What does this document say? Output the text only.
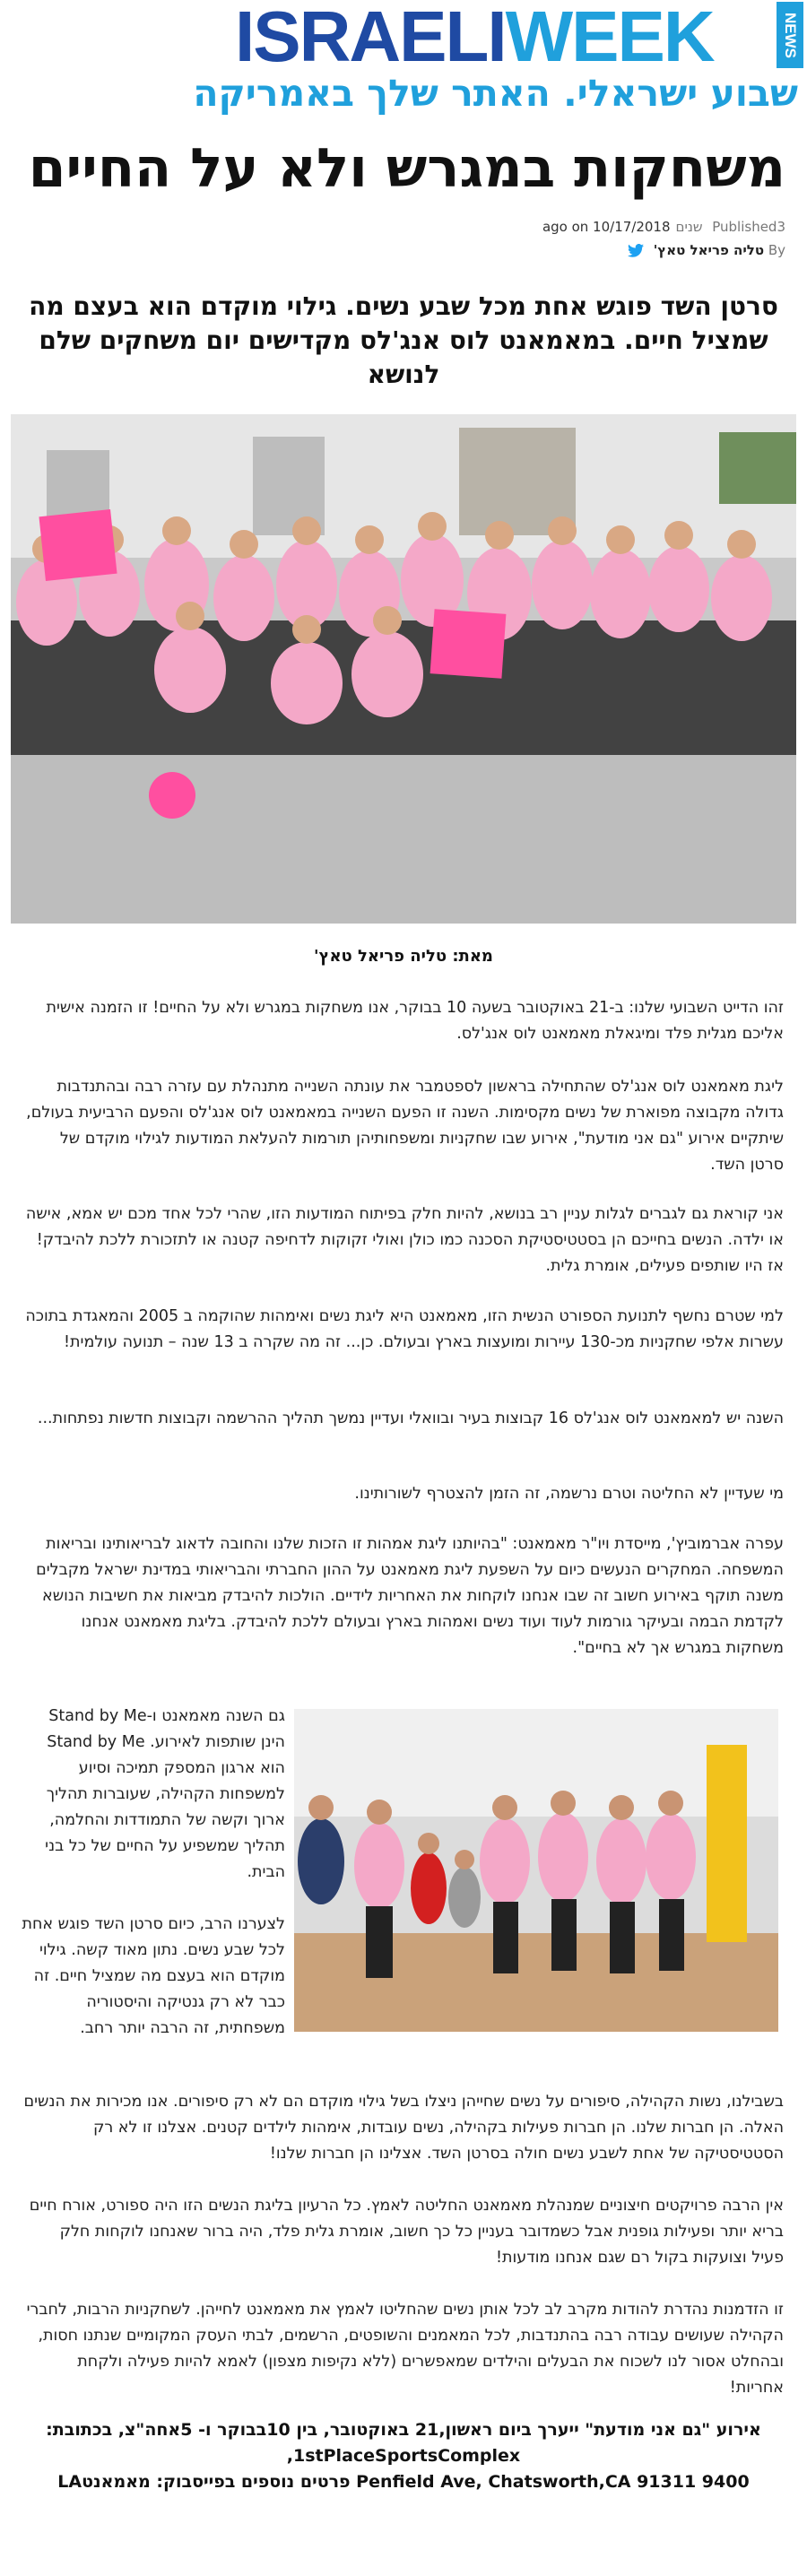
ISRAELIWEEK	NEWS
שבוע ישראלי. האתר שלך באמריקה
משחקות במגרש ולא על החיים
Published3 שניםago on 10/17/2018
By טליה פריאל טאץ'
סרטן השד פוגש אחת מכל שבע נשים. גילוי מוקדם הוא בעצם מה שמציל חיים. במאמאנט לוס אנג'לס מקדישים יום משחקים שלם לנושא
מאת: טליה פריאל טאץ'

זהו הדייט השבועי שלנו: ב-21 באוקטובר בשעה 10 בבוקר, אנו משחקות במגרש ולא על החיים! זו הזמנה אישית אליכם מגלית פלד ומיגאלת מאמאנט לוס אנג'לס.

ליגת מאמאנט לוס אנג'לס שהתחילה בראשון לספטמבר את עונתה השנייה מתנהלת עם עזרה רבה ובהתנדבות גדולה מקבוצה מפוארת של נשים מקסימות. השנה זו הפעם השנייה במאמאנט לוס אנג'לס והפעם הרביעית בעולם, שיתקיים אירוע "גם אני מודעת", אירוע שבו שחקניות ומשפחותיהן תורמות להעלאת המודעות לגילוי מוקדם של סרטן השד.

אני קוראת גם לגברים לגלות עניין רב בנושא, להיות חלק בפיתוח המודעות הזו, שהרי לכל אחד מכם יש אמא, אישה או ילדה. הנשים בחייכם הן בסטטיסטיקת הסכנה כמו כולן ואולי זקוקות לדחיפה קטנה או לתזכורת ללכת להיבדק! אז היו שותפים פעילים, אומרת גלית.

למי שטרם נחשף לתנועת הספורט הנשית הזו, מאמאנט היא ליגת נשים ואימהות שהוקמה ב 2005 והמאגדת בתוכה עשרות אלפי שחקניות מכ-130 עיירות ומועצות בארץ ובעולם. כן... זה מה שקרה ב 13 שנה – תנועה עולמית!

השנה יש למאמאנט לוס אנג'לס 16 קבוצות בעיר ובוואלי ועדיין נמשך תהליך ההרשמה וקבוצות חדשות נפתחות...

מי שעדיין לא החליטה וטרם נרשמה, זה הזמן להצטרף לשורותינו.

עפרה אברמוביץ', מייסדת ויו"ר מאמאנט: "בהיותנו ליגת אמהות זו הזכות שלנו והחובה לדאוג לבריאותינו ובריאות המשפחה. המחקרים הנעשים כיום על השפעת ליגת מאמאנט על ההון החברתי והבריאותי במדינת ישראל מקבלים משנה תוקף באירוע חשוב זה שבו אנחנו לוקחות את האחריות לידיים. הולכות להיבדק מביאות את חשיבות הנושא לקדמת הבמה ובעיקר גורמות לעוד ועוד נשים ואמהות בארץ ובעולם ללכת להיבדק. בליגת מאמאנט אנחנו משחקות במגרש אך לא בחיים".

גם השנה מאמאנט ו-Stand by Me הינן שותפות לאירוע. Stand by Me הוא ארגון המספק תמיכה וסיוע למשפחות הקהילה, שעוברות תהליך ארוך וקשה של התמודדות והחלמה, תהליך שמשפיע על החיים של כל בני הבית.

לצערנו הרב, כיום סרטן השד פוגש אחת לכל שבע נשים. נתון מאוד קשה. גילוי מוקדם הוא בעצם מה שמציל חיים. זה כבר לא רק גנטיקה והיסטוריה משפחתית, זה הרבה יותר רחב.

בשבילנו, נשות הקהילה, סיפורים על נשים שחייהן ניצלו בשל גילוי מוקדם הם לא רק סיפורים. אנו מכירות את הנשים האלה. הן חברות שלנו. הן חברות פעילות בקהילה, נשים עובדות, אימהות לילדים קטנים. אצלנו זו לא רק הסטטיסטיקה של אחת לשבע נשים חולה בסרטן השד. אצלינו הן חברות שלנו!

אין הרבה פרויקטים חיצוניים שמנהלת מאמאנט החליטה לאמץ. כל הרעיון בליגת הנשים הזו היה ספורט, אורח חיים בריא יותר ופעילות גופנית אבל כשמדובר בעניין כל כך חשוב, אומרת גלית פלד, היה ברור שאנחנו לוקחות חלק פעיל וצועקות בקול רם שגם אנחנו מודעות!

זו הזדמנות נהדרת להודות מקרב לב לכל אותן נשים שהחליטו לאמץ את מאמאנט לחייהן. לשחקניות הרבות, לחברי הקהילה שעושים עבודה רבה בהתנדבות, לכל המאמנים והשופטים, הרשמים, לבתי העסק המקומיים שנתנו חסות, ובהחלט אסור לנו לשכוח את הבעלים והילדים שמאפשרים (ללא נקיפות מצפון) לאמא להיות פעילה ולקחת אחריות!

אירוע "גם אני מודעת" ייערך ביום ראשון,21 באוקטובר, בין 10בבוקר ו- 5אחה"צ, בכתובת:
1stPlaceSportsComplex,
Penfield Ave, Chatsworth,CA 91311 9400 פרטים נוספים בפייסבוק: מאמאנטLA
